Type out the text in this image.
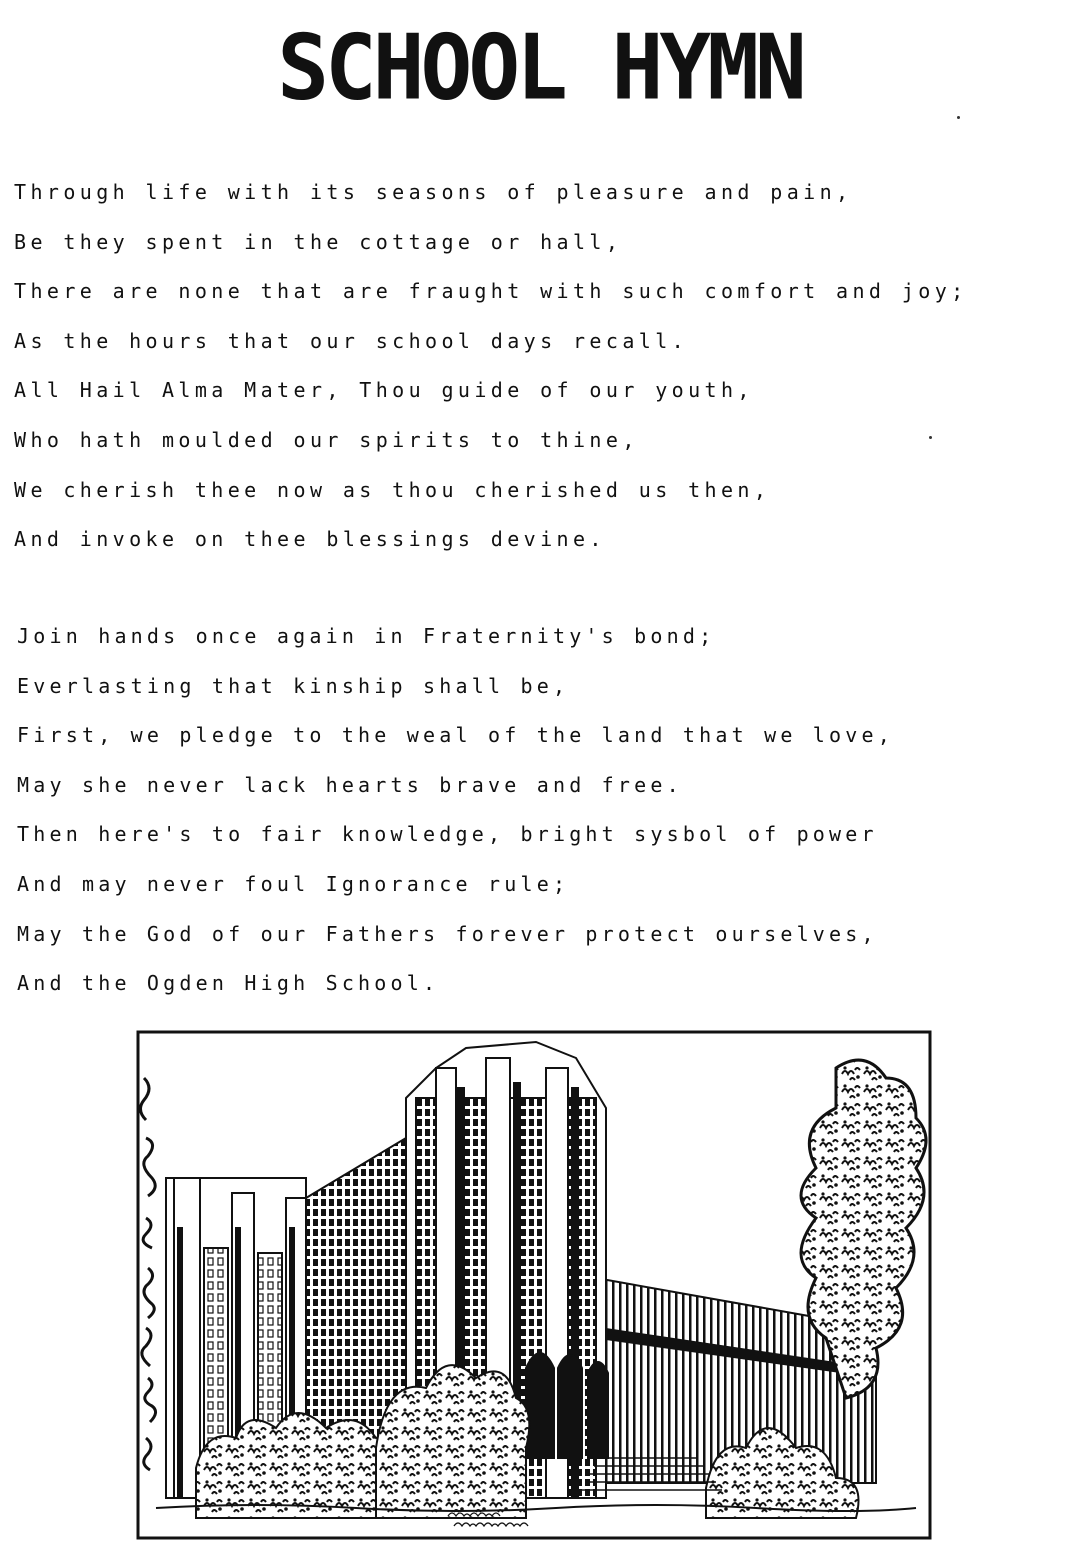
SCHOOL HYMN
Through life with its seasons of pleasure and pain,
Be they spent in the cottage or hall,
There are none that are fraught with such comfort and joy;
As the hours that our school days recall.
All Hail Alma Mater, Thou guide of our youth,
Who hath moulded our spirits to thine,
We cherish thee now as thou cherished us then,
And invoke on thee blessings devine.
Join hands once again in Fraternity's bond;
Everlasting that kinship shall be,
First, we pledge to the weal of the land that we love,
May she never lack hearts brave and free.
Then here's to fair knowledge, bright sysbol of power
And may never foul Ignorance rule;
May the God of our Fathers forever protect ourselves,
And the Ogden High School.
